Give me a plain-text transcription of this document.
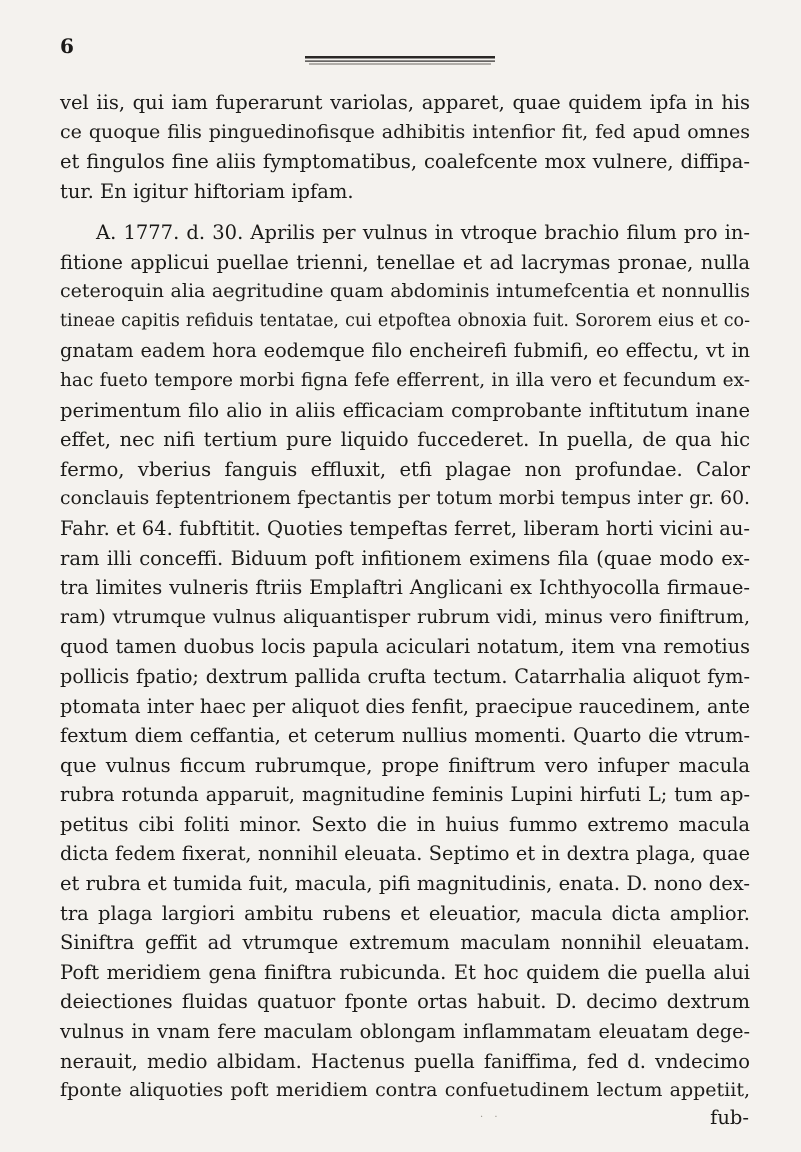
6
vel iis, qui iam fuperarunt variolas, apparet, quae quidem ipfa in his
ce quoque filis pinguedinofisque adhibitis intenfior fit, fed apud omnes
et fingulos fine aliis fymptomatibus, coalefcente mox vulnere, diffipa-
tur. En igitur hiftoriam ipfam.
A. 1777. d. 30. Aprilis per vulnus in vtroque brachio filum pro in-
fitione applicui puellae trienni, tenellae et ad lacrymas pronae, nulla
ceteroquin alia aegritudine quam abdominis intumefcentia et nonnullis
tineae capitis refiduis tentatae, cui etpoftea obnoxia fuit. Sororem eius et co-
gnatam eadem hora eodemque filo encheirefi fubmifi, eo effectu, vt in
hac fueto tempore morbi figna fefe efferrent, in illa vero et fecundum ex-
perimentum filo alio in aliis efficaciam comprobante inftitutum inane
effet, nec nifi tertium pure liquido fuccederet. In puella, de qua hic
fermo, vberius fanguis effluxit, etfi plagae non profundae. Calor
conclauis feptentrionem fpectantis per totum morbi tempus inter gr. 60.
Fahr. et 64. fubftitit. Quoties tempeftas ferret, liberam horti vicini au-
ram illi conceffi. Biduum poft infitionem eximens fila (quae modo ex-
tra limites vulneris ftriis Emplaftri Anglicani ex Ichthyocolla firmaue-
ram) vtrumque vulnus aliquantisper rubrum vidi, minus vero finiftrum,
quod tamen duobus locis papula aciculari notatum, item vna remotius
pollicis fpatio; dextrum pallida crufta tectum. Catarrhalia aliquot fym-
ptomata inter haec per aliquot dies fenfit, praecipue raucedinem, ante
fextum diem ceffantia, et ceterum nullius momenti. Quarto die vtrum-
que vulnus ficcum rubrumque, prope finiftrum vero infuper macula
rubra rotunda apparuit, magnitudine feminis Lupini hirfuti L; tum ap-
petitus cibi foliti minor. Sexto die in huius fummo extremo macula
dicta fedem fixerat, nonnihil eleuata. Septimo et in dextra plaga, quae
et rubra et tumida fuit, macula, pifi magnitudinis, enata. D. nono dex-
tra plaga largiori ambitu rubens et eleuatior, macula dicta amplior.
Siniftra geffit ad vtrumque extremum maculam nonnihil eleuatam.
Poft meridiem gena finiftra rubicunda. Et hoc quidem die puella alui
deiectiones fluidas quatuor fponte ortas habuit. D. decimo dextrum
vulnus in vnam fere maculam oblongam inflammatam eleuatam dege-
nerauit, medio albidam. Hactenus puella faniffima, fed d. vndecimo
fponte aliquoties poft meridiem contra confuetudinem lectum appetiit,
· ·	fub-
